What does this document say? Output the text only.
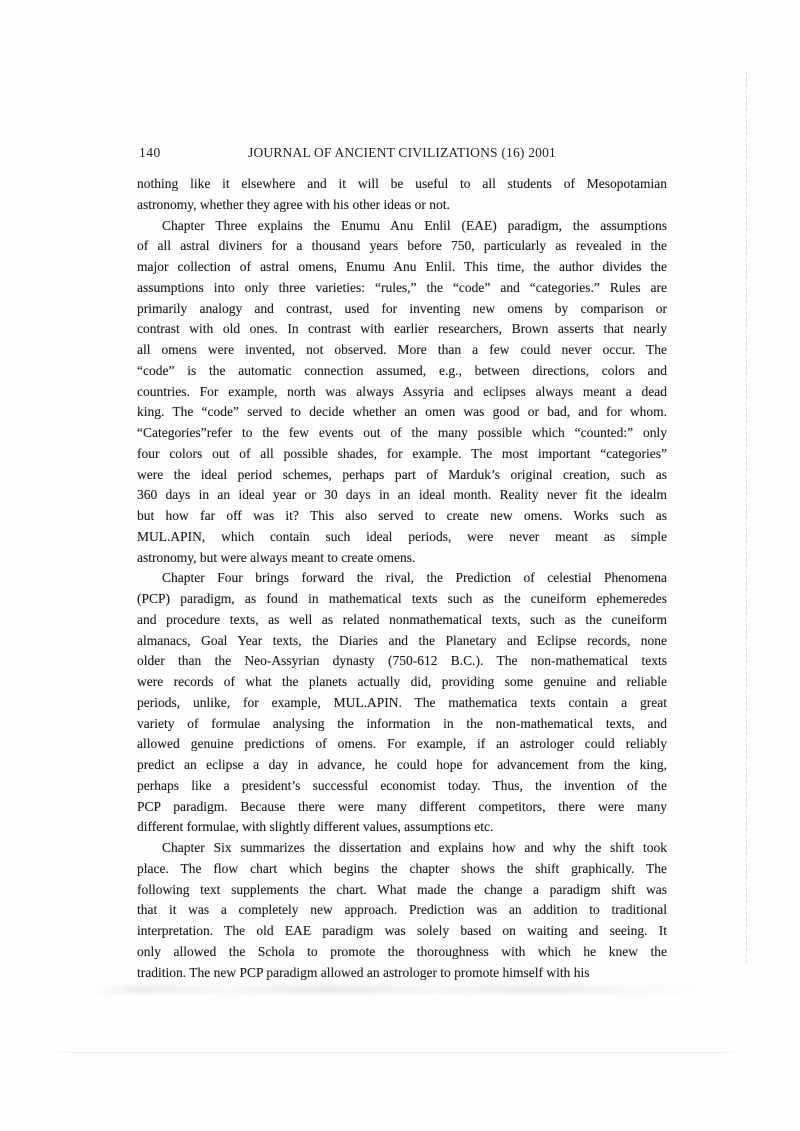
140	JOURNAL OF ANCIENT CIVILIZATIONS (16) 2001
nothing like it elsewhere and it will be useful to all students of Mesopotamian
astronomy, whether they agree with his other ideas or not.
Chapter Three explains the Enumu Anu Enlil (EAE) paradigm, the assumptions
of all astral diviners for a thousand years before 750, particularly as revealed in the
major collection of astral omens, Enumu Anu Enlil. This time, the author divides the
assumptions into only three varieties: “rules,” the “code” and “categories.” Rules are
primarily analogy and contrast, used for inventing new omens by comparison or
contrast with old ones. In contrast with earlier researchers, Brown asserts that nearly
all omens were invented, not observed. More than a few could never occur. The
“code” is the automatic connection assumed, e.g., between directions, colors and
countries. For example, north was always Assyria and eclipses always meant a dead
king. The “code” served to decide whether an omen was good or bad, and for whom.
“Categories”refer to the few events out of the many possible which “counted:” only
four colors out of all possible shades, for example. The most important “categories”
were the ideal period schemes, perhaps part of Marduk’s original creation, such as
360 days in an ideal year or 30 days in an ideal month. Reality never fit the idealm
but how far off was it? This also served to create new omens. Works such as
MUL.APIN, which contain such ideal periods, were never meant as simple
astronomy, but were always meant to create omens.
Chapter Four brings forward the rival, the Prediction of celestial Phenomena
(PCP) paradigm, as found in mathematical texts such as the cuneiform ephemeredes
and procedure texts, as well as related nonmathematical texts, such as the cuneiform
almanacs, Goal Year texts, the Diaries and the Planetary and Eclipse records, none
older than the Neo-Assyrian dynasty (750-612 B.C.). The non-mathematical texts
were records of what the planets actually did, providing some genuine and reliable
periods, unlike, for example, MUL.APIN. The mathematica texts contain a great
variety of formulae analysing the information in the non-mathematical texts, and
allowed genuine predictions of omens. For example, if an astrologer could reliably
predict an eclipse a day in advance, he could hope for advancement from the king,
perhaps like a president’s successful economist today. Thus, the invention of the
PCP paradigm. Because there were many different competitors, there were many
different formulae, with slightly different values, assumptions etc.
Chapter Six summarizes the dissertation and explains how and why the shift took
place. The flow chart which begins the chapter shows the shift graphically. The
following text supplements the chart. What made the change a paradigm shift was
that it was a completely new approach. Prediction was an addition to traditional
interpretation. The old EAE paradigm was solely based on waiting and seeing. It
only allowed the Schola to promote the thoroughness with which he knew the
tradition. The new PCP paradigm allowed an astrologer to promote himself with his
